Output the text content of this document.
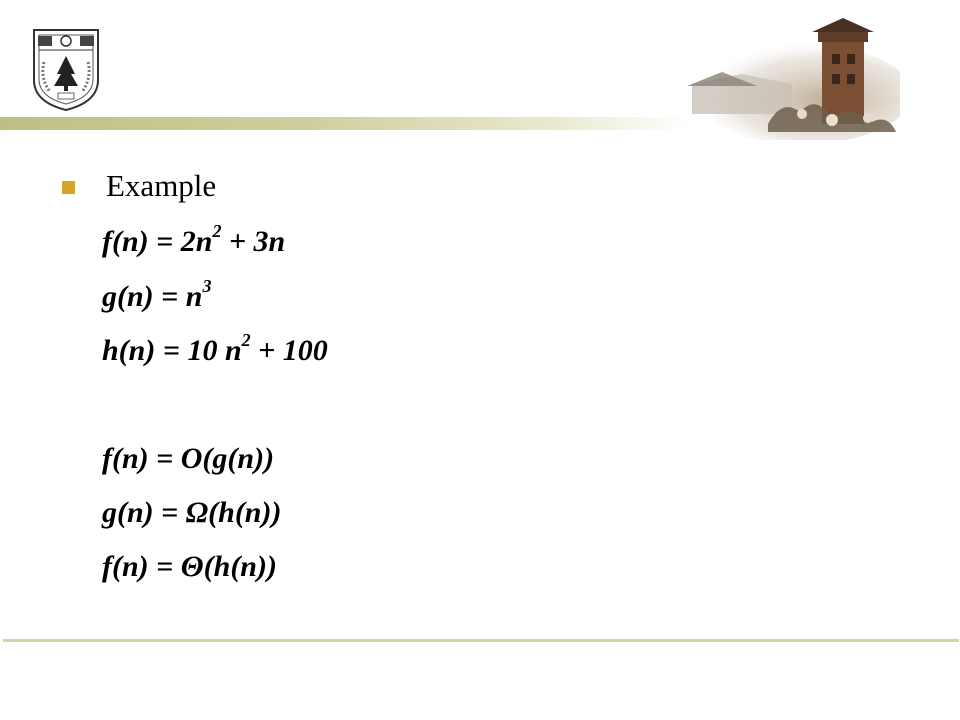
Example
$f(n) = 2n^2 + 3n$
$g(n) = n^3$
h(n) = 10 $n^2 + 100$
f(n) = O(g(n))
g(n) = Ω(h(n))
f(n) = Θ(h(n))
